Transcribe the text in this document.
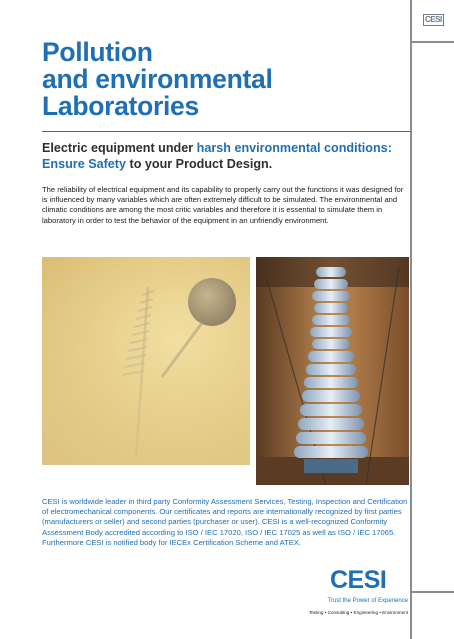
CESI
Pollution
and environmental
Laboratories
Electric equipment under harsh environmental conditions:
Ensure Safety to your Product Design.

The reliability of electrical equipment and its capability to properly carry out the functions it was designed for is influenced by many variables which are often extremely difficult to be simulated. The environmental and climatic conditions are among the most critic variables and therefore it is essential to simulate them in laboratory in order to test the behavior of the equipment in an unfriendly environment.

CESI is worldwide leader in third party Conformity Assessment Services, Testing, Inspection and Certification of electromechanical components. Our certificates and reports are internationally recognized by first parties (manufacturers or seller) and second parties (purchaser or user). CESI is a well-recognized Conformity Assessment Body accredited according to ISO / IEC 17020, ISO / IEC 17025 as well as ISO / IEC 17065. Furthermore CESI is notified body for IECEx Certification Scheme and ATEX.

CESI
Trust the Power of Experience
Testing • Consulting • Engineering • Environment
